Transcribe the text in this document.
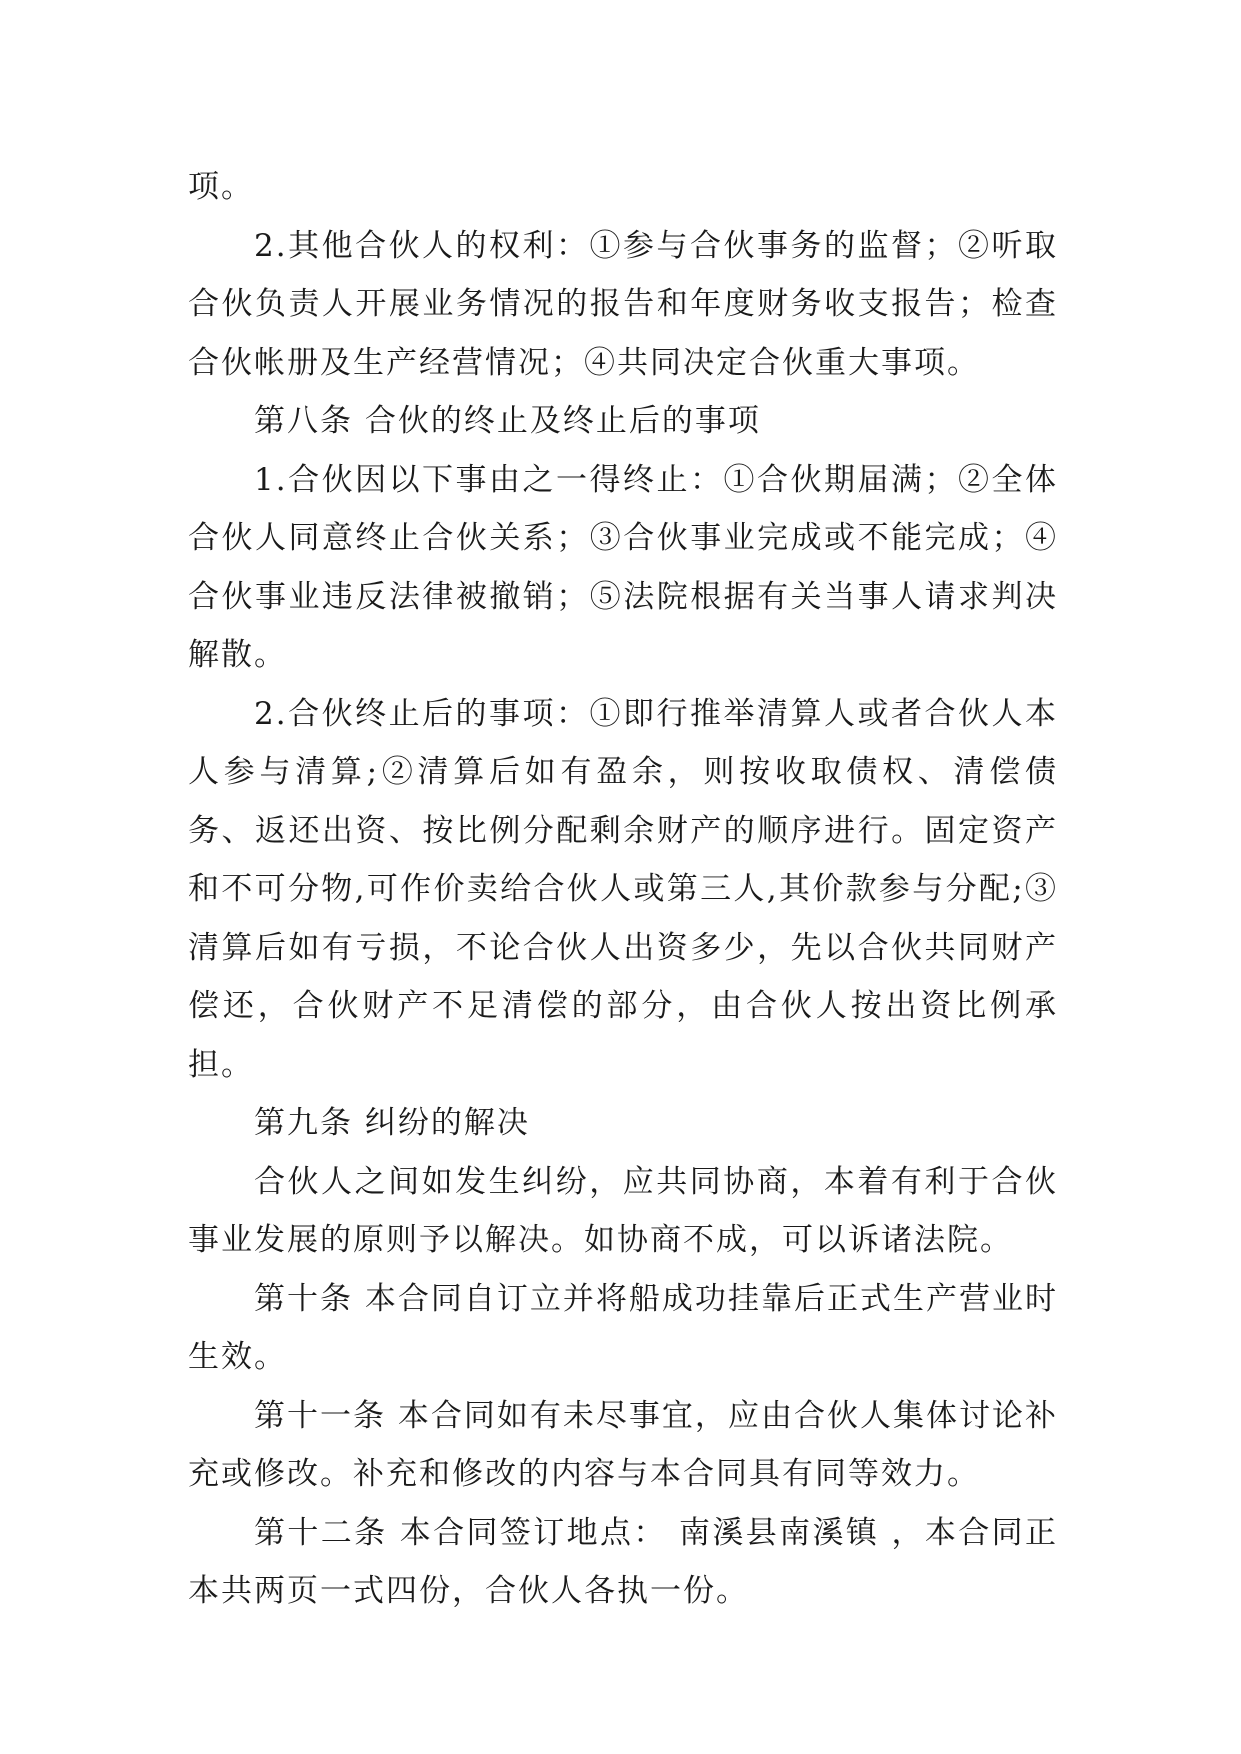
项。

2.其他合伙人的权利：①参与合伙事务的监督；②听取合伙负责人开展业务情况的报告和年度财务收支报告；检查合伙帐册及生产经营情况；④共同决定合伙重大事项。

第八条 合伙的终止及终止后的事项

1.合伙因以下事由之一得终止：①合伙期届满；②全体合伙人同意终止合伙关系；③合伙事业完成或不能完成；④合伙事业违反法律被撤销；⑤法院根据有关当事人请求判决解散。

2.合伙终止后的事项：①即行推举清算人或者合伙人本人参与清算;②清算后如有盈余，则按收取债权、清偿债务、返还出资、按比例分配剩余财产的顺序进行。固定资产和不可分物,可作价卖给合伙人或第三人,其价款参与分配;③清算后如有亏损，不论合伙人出资多少，先以合伙共同财产偿还，合伙财产不足清偿的部分，由合伙人按出资比例承担。

第九条 纠纷的解决

合伙人之间如发生纠纷，应共同协商，本着有利于合伙事业发展的原则予以解决。如协商不成，可以诉诸法院。

第十条 本合同自订立并将船成功挂靠后正式生产营业时生效。

第十一条 本合同如有未尽事宜，应由合伙人集体讨论补充或修改。补充和修改的内容与本合同具有同等效力。

第十二条 本合同签订地点： 南溪县南溪镇 ，本合同正本共两页一式四份，合伙人各执一份。
